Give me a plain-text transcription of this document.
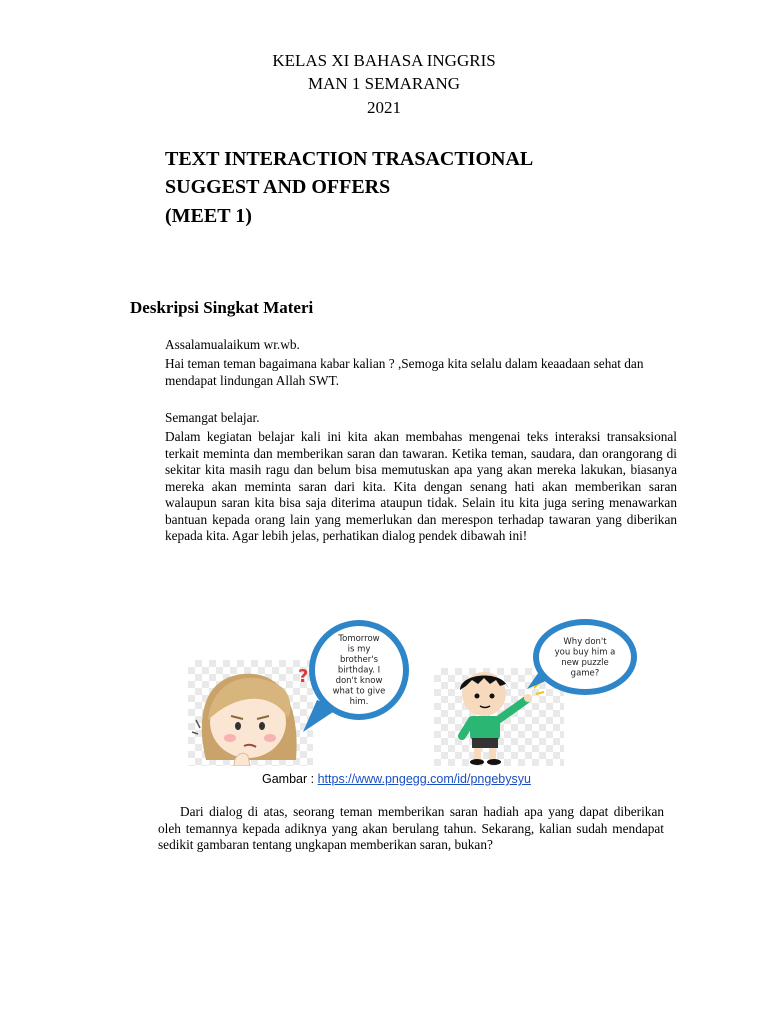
KELAS XI BAHASA INGGRIS
MAN 1 SEMARANG
2021
TEXT INTERACTION TRASACTIONAL
SUGGEST AND OFFERS
(MEET 1)
Deskripsi Singkat Materi

Assalamualaikum wr.wb.

Hai teman teman bagaimana kabar kalian ? ,Semoga kita selalu dalam keaadaan sehat dan mendapat lindungan Allah SWT.

Semangat belajar.

Dalam kegiatan belajar kali ini kita akan membahas mengenai teks interaksi transaksional terkait meminta dan memberikan saran dan tawaran. Ketika teman, saudara, dan orangorang di sekitar kita masih ragu dan belum bisa memutuskan apa yang akan mereka lakukan, biasanya mereka akan meminta saran dari kita. Kita dengan senang hati akan memberikan saran walaupun saran kita bisa saja diterima ataupun tidak. Selain itu kita juga sering menawarkan bantuan kepada orang lain yang memerlukan dan merespon terhadap tawaran yang diberikan kepada kita. Agar lebih jelas, perhatikan dialog pendek dibawah ini!

?
Tomorrow
is my
brother's
birthday. I
don't know
what to give
him.
Why don't
you buy him a
new puzzle
game?
Gambar : https://www.pngegg.com/id/pngebysyu

Dari dialog di atas, seorang teman memberikan saran hadiah apa yang dapat diberikan oleh temannya kepada adiknya yang akan berulang tahun. Sekarang, kalian sudah mendapat sedikit gambaran tentang ungkapan memberikan saran, bukan?
